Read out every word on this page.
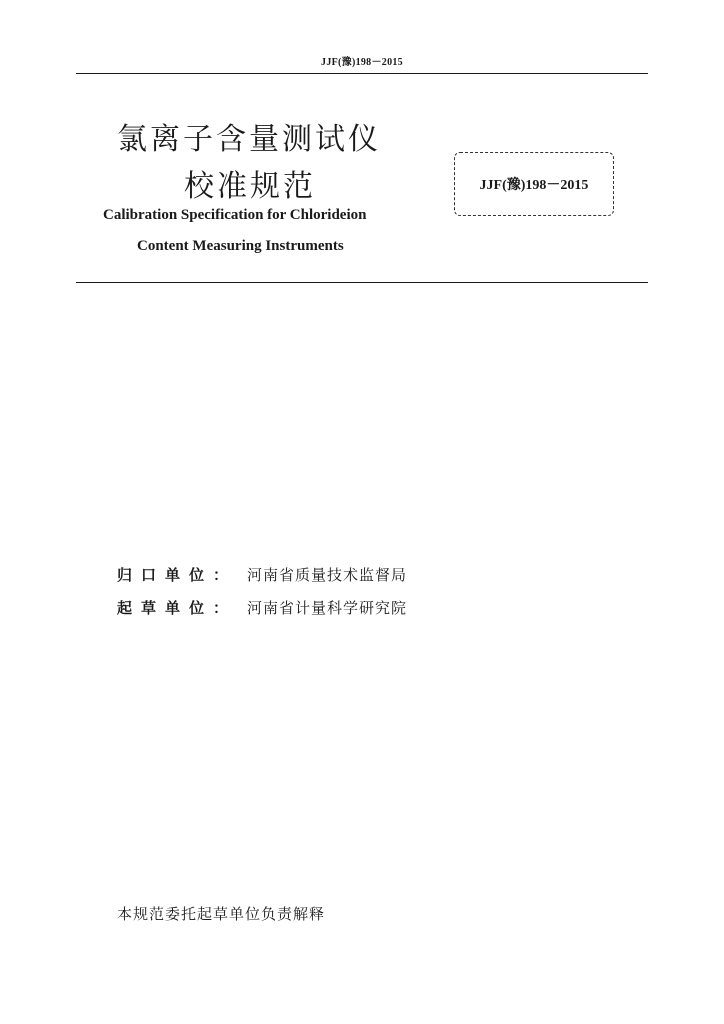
JJF(豫)198－2015
氯离子含量测试仪
校准规范	JJF(豫)198－2015
Calibration Specification for Chlorideion
Content Measuring Instruments
归口单位： 河南省质量技术监督局
起草单位： 河南省计量科学研究院
本规范委托起草单位负责解释
